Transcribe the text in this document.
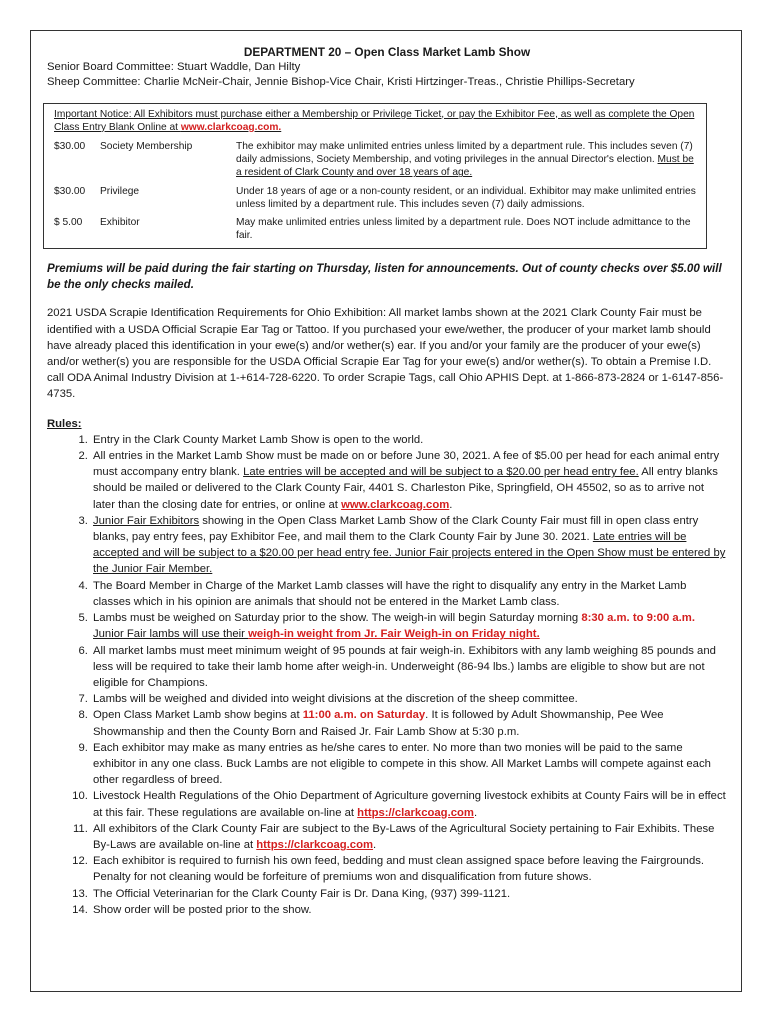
DEPARTMENT 20 – Open Class Market Lamb Show

Senior Board Committee: Stuart Waddle, Dan Hilty

Sheep Committee: Charlie McNeir-Chair, Jennie Bishop-Vice Chair, Kristi Hirtzinger-Treas., Christie Phillips-Secretary

Important Notice: All Exhibitors must purchase either a Membership or Privilege Ticket, or pay the Exhibitor Fee, as well as complete the Open Class Entry Blank Online at www.clarkcoag.com.

$30.00	Society Membership	The exhibitor may make unlimited entries unless limited by a department rule. This includes seven (7) daily admissions, Society Membership, and voting privileges in the annual Director's election. Must be a resident of Clark County and over 18 years of age.
$30.00	Privilege	Under 18 years of age or a non-county resident, or an individual. Exhibitor may make unlimited entries unless limited by a department rule. This includes seven (7) daily admissions.
$ 5.00	Exhibitor	May make unlimited entries unless limited by a department rule. Does NOT include admittance to the fair.

Premiums will be paid during the fair starting on Thursday, listen for announcements. Out of county checks over $5.00 will be the only checks mailed.

2021 USDA Scrapie Identification Requirements for Ohio Exhibition: All market lambs shown at the 2021 Clark County Fair must be identified with a USDA Official Scrapie Ear Tag or Tattoo. If you purchased your ewe/wether, the producer of your market lamb should have already placed this identification in your ewe(s) and/or wether(s) ear. If you and/or your family are the producer of your ewe(s) and/or wether(s) you are responsible for the USDA Official Scrapie Ear Tag for your ewe(s) and/or wether(s). To obtain a Premise I.D. call ODA Animal Industry Division at 1-+614-728-6220. To order Scrapie Tags, call Ohio APHIS Dept. at 1-866-873-2824 or 1-6147-856-4735.

Rules:

1. Entry in the Clark County Market Lamb Show is open to the world.
2. All entries in the Market Lamb Show must be made on or before June 30, 2021. A fee of $5.00 per head for each animal entry must accompany entry blank. Late entries will be accepted and will be subject to a $20.00 per head entry fee. All entry blanks should be mailed or delivered to the Clark County Fair, 4401 S. Charleston Pike, Springfield, OH 45502, so as to arrive not later than the closing date for entries, or online at www.clarkcoag.com.
3. Junior Fair Exhibitors showing in the Open Class Market Lamb Show of the Clark County Fair must fill in open class entry blanks, pay entry fees, pay Exhibitor Fee, and mail them to the Clark County Fair by June 30. 2021. Late entries will be accepted and will be subject to a $20.00 per head entry fee. Junior Fair projects entered in the Open Show must be entered by the Junior Fair Member.
4. The Board Member in Charge of the Market Lamb classes will have the right to disqualify any entry in the Market Lamb classes which in his opinion are animals that should not be entered in the Market Lamb class.
5. Lambs must be weighed on Saturday prior to the show. The weigh-in will begin Saturday morning 8:30 a.m. to 9:00 a.m. Junior Fair lambs will use their weigh-in weight from Jr. Fair Weigh-in on Friday night.
6. All market lambs must meet minimum weight of 95 pounds at fair weigh-in. Exhibitors with any lamb weighing 85 pounds and less will be required to take their lamb home after weigh-in. Underweight (86-94 lbs.) lambs are eligible to show but are not eligible for Champions.
7. Lambs will be weighed and divided into weight divisions at the discretion of the sheep committee.
8. Open Class Market Lamb show begins at 11:00 a.m. on Saturday. It is followed by Adult Showmanship, Pee Wee Showmanship and then the County Born and Raised Jr. Fair Lamb Show at 5:30 p.m.
9. Each exhibitor may make as many entries as he/she cares to enter. No more than two monies will be paid to the same exhibitor in any one class. Buck Lambs are not eligible to compete in this show. All Market Lambs will compete against each other regardless of breed.
10. Livestock Health Regulations of the Ohio Department of Agriculture governing livestock exhibits at County Fairs will be in effect at this fair. These regulations are available on-line at https://clarkcoag.com.
11. All exhibitors of the Clark County Fair are subject to the By-Laws of the Agricultural Society pertaining to Fair Exhibits. These By-Laws are available on-line at https://clarkcoag.com.
12. Each exhibitor is required to furnish his own feed, bedding and must clean assigned space before leaving the Fairgrounds. Penalty for not cleaning would be forfeiture of premiums won and disqualification from future shows.
13. The Official Veterinarian for the Clark County Fair is Dr. Dana King, (937) 399-1121.
14. Show order will be posted prior to the show.
